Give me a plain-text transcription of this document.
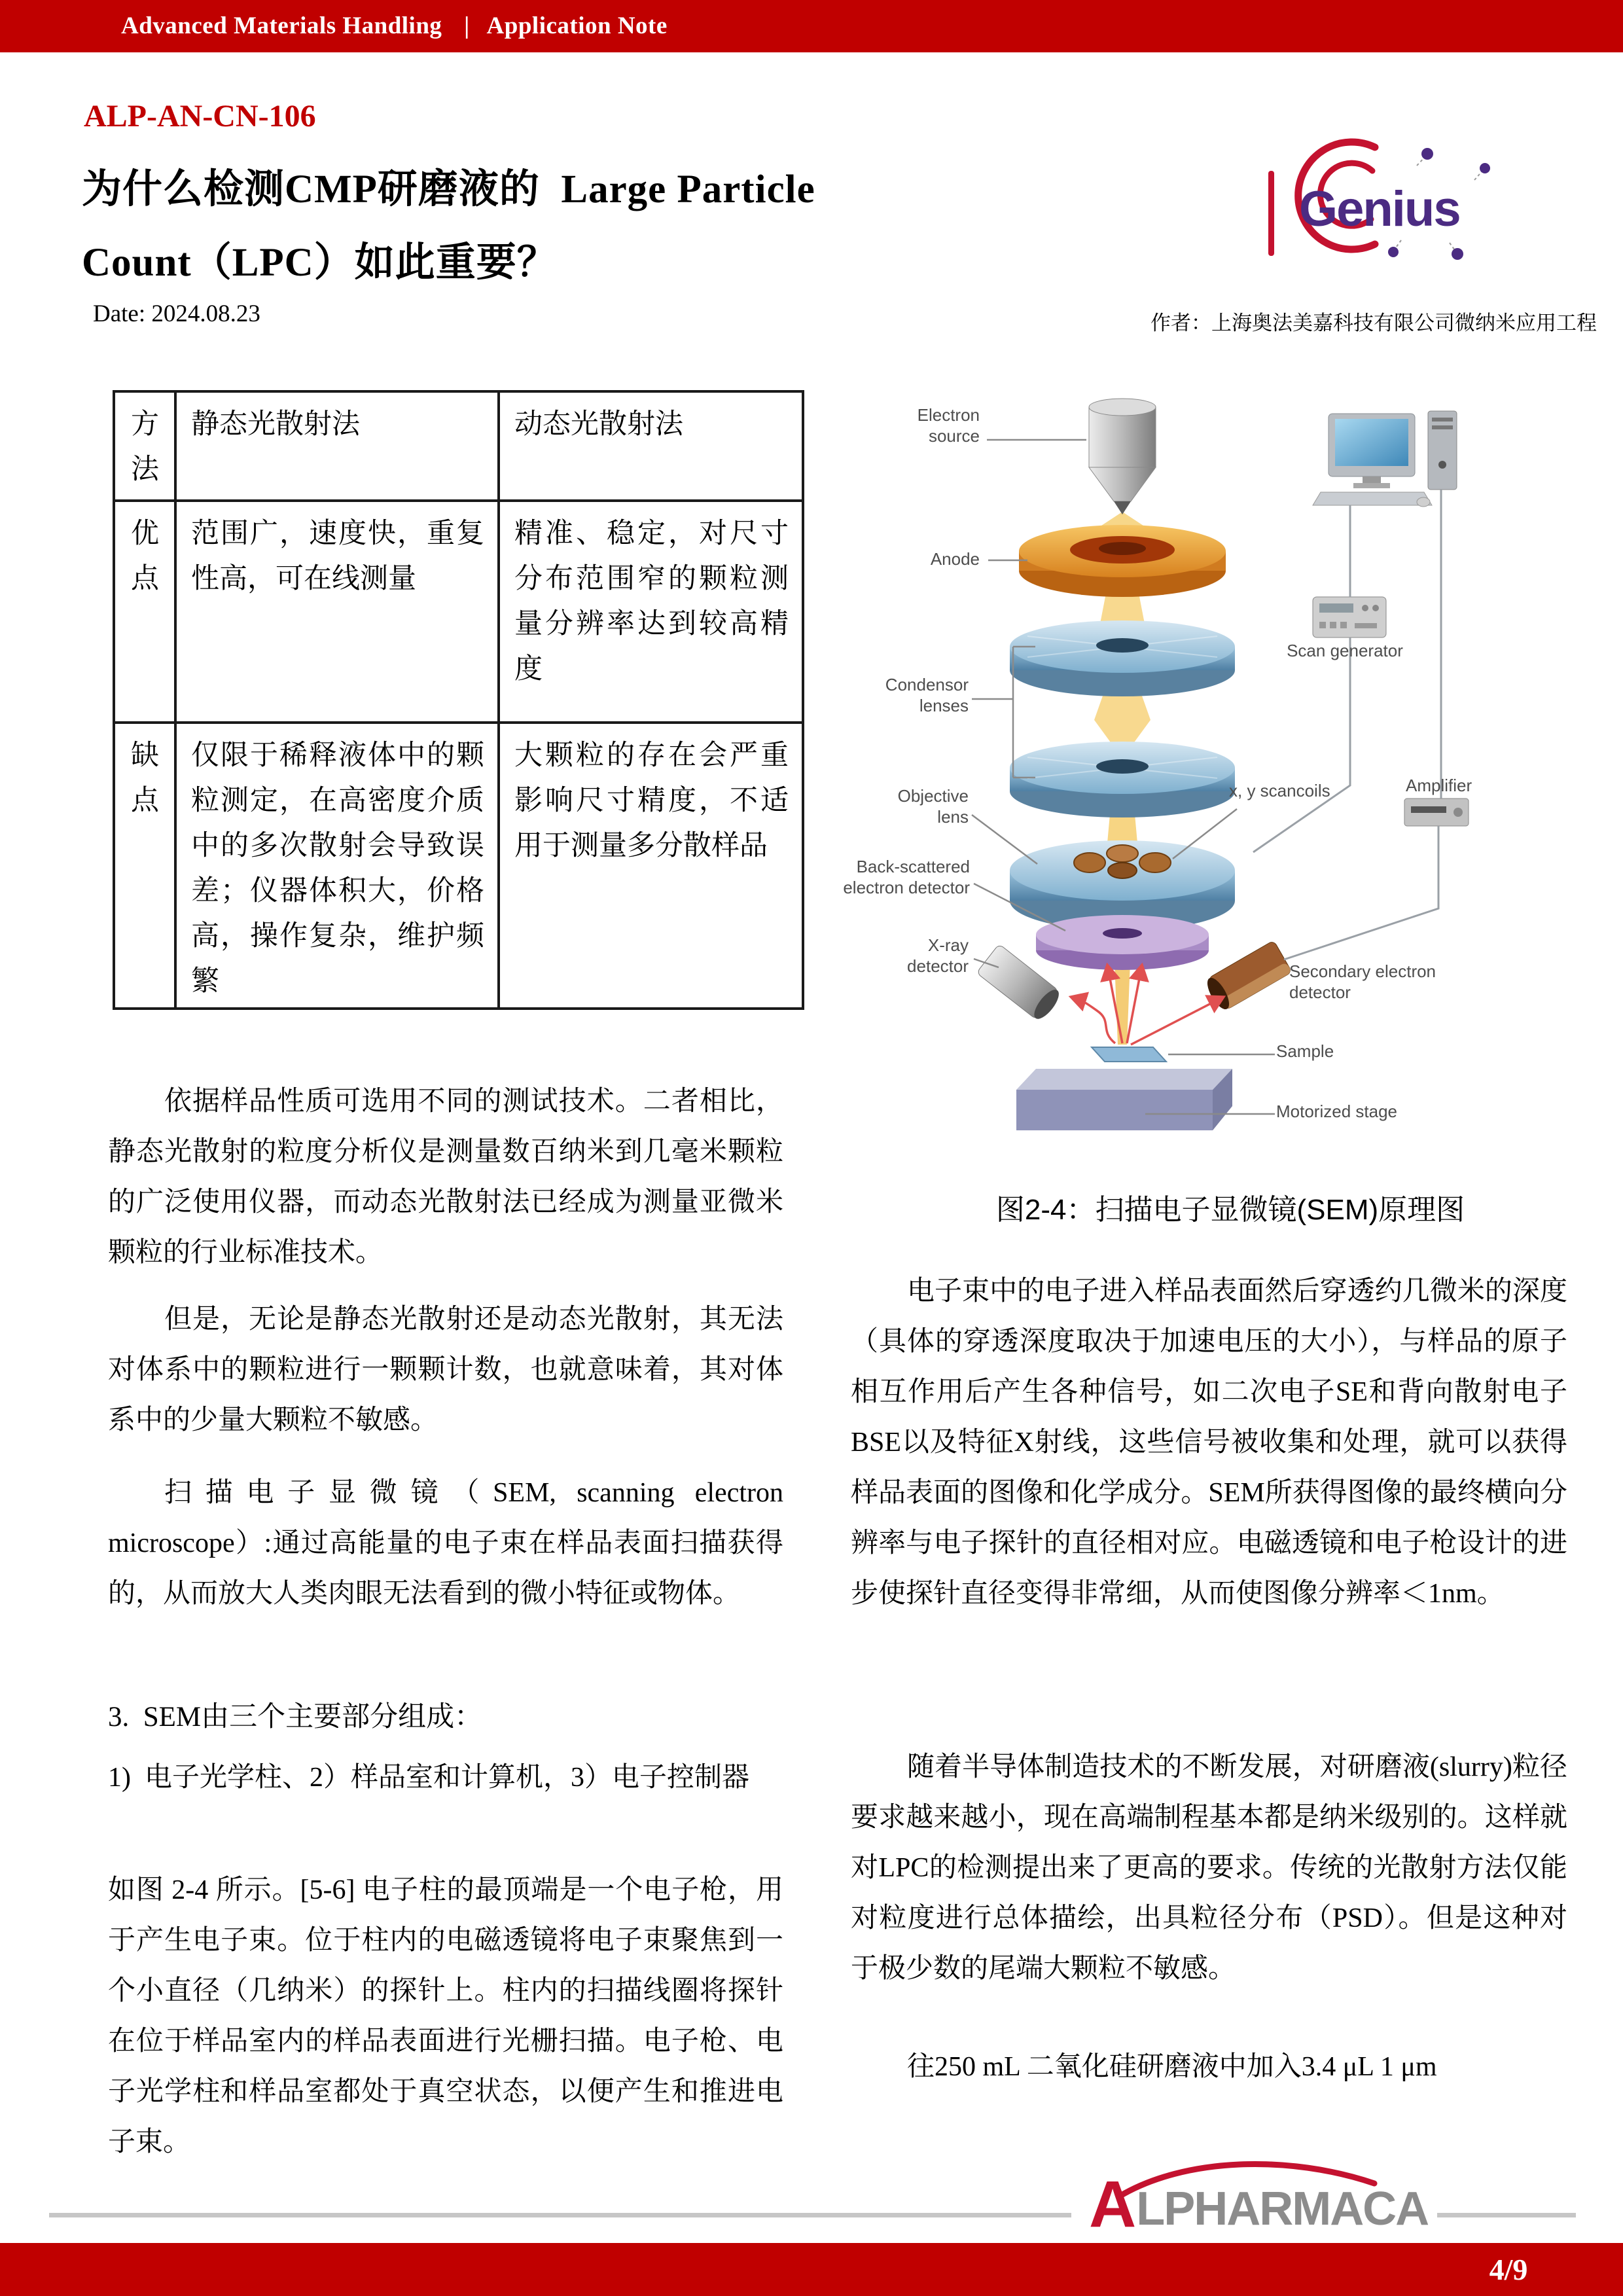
Advanced Materials Handling | Application Note
ALP-AN-CN-106
为什么检测CMP研磨液的  Large Particle
Count（LPC）如此重要？
Date: 2024.08.23	作者：上海奥法美嘉科技有限公司微纳米应用工程
Genius
方法	静态光散射法	动态光散射法
优点	范围广，速度快，重复性高，可在线测量	精准、稳定，对尺寸分布范围窄的颗粒测量分辨率达到较高精度
缺点	仅限于稀释液体中的颗粒测定，在高密度介质中的多次散射会导致误差；仪器体积大，价格高，操作复杂，维护频繁	大颗粒的存在会严重影响尺寸精度，不适用于测量多分散样品
依据样品性质可选用不同的测试技术。二者相比，静态光散射的粒度分析仪是测量数百纳米到几毫米颗粒的广泛使用仪器，而动态光散射法已经成为测量亚微米颗粒的行业标准技术。
但是，无论是静态光散射还是动态光散射，其无法对体系中的颗粒进行一颗颗计数，也就意味着，其对体系中的少量大颗粒不敏感。
扫描电子显微镜（SEM, scanning electron microscope）:通过高能量的电子束在样品表面扫描获得的，从而放大人类肉眼无法看到的微小特征或物体。
3.  SEM由三个主要部分组成：
1)  电子光学柱、2）样品室和计算机，3）电子控制器
如图 2-4 所示。[5-6] 电子柱的最顶端是一个电子枪，用于产生电子束。位于柱内的电磁透镜将电子束聚焦到一个小直径（几纳米）的探针上。柱内的扫描线圈将探针在位于样品室内的样品表面进行光栅扫描。电子枪、电子光学柱和样品室都处于真空状态，以便产生和推进电子束。
Electron source
Anode
Condensor lenses
Objective lens
Back-scattered electron detector
X-ray detector
x, y scancoils
Scan generator
Amplifier
Secondary electron detector
Sample
Motorized stage
图2-4：扫描电子显微镜(SEM)原理图
电子束中的电子进入样品表面然后穿透约几微米的深度（具体的穿透深度取决于加速电压的大小），与样品的原子相互作用后产生各种信号，如二次电子SE和背向散射电子BSE以及特征X射线，这些信号被收集和处理，就可以获得样品表面的图像和化学成分。SEM所获得图像的最终横向分辨率与电子探针的直径相对应。电磁透镜和电子枪设计的进步使探针直径变得非常细，从而使图像分辨率＜1nm。
随着半导体制造技术的不断发展，对研磨液(slurry)粒径要求越来越小，现在高端制程基本都是纳米级别的。这样就对LPC的检测提出来了更高的要求。传统的光散射方法仅能对粒度进行总体描绘，出具粒径分布（PSD）。但是这种对于极少数的尾端大颗粒不敏感。
往250 mL 二氧化硅研磨液中加入3.4 μL 1 μm
A LPHARMACA
4/9
